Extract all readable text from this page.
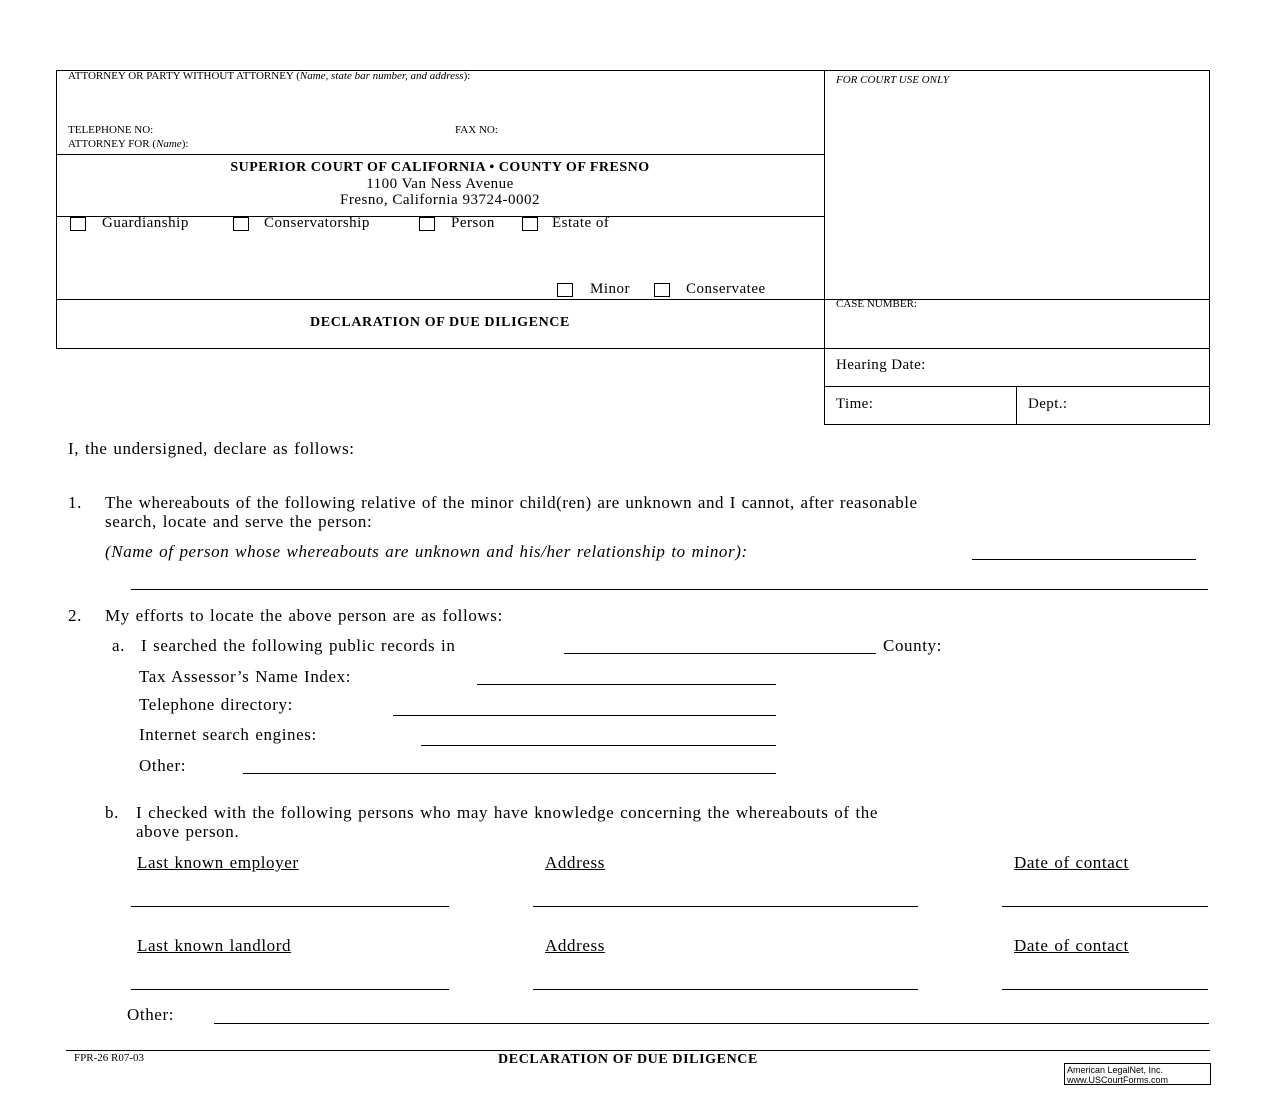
ATTORNEY OR PARTY WITHOUT ATTORNEY (Name, state bar number, and address):
TELEPHONE NO:	FAX NO:
ATTORNEY FOR (Name):
FOR COURT USE ONLY
SUPERIOR COURT OF CALIFORNIA • COUNTY OF FRESNO
1100 Van Ness Avenue
Fresno, California 93724-0002
Guardianship	Conservatorship	Person	Estate of
Minor	Conservatee
DECLARATION OF DUE DILIGENCE
CASE NUMBER:
Hearing Date:
Time:	Dept.:
I, the undersigned, declare as follows:
1. The whereabouts of the following relative of the minor child(ren) are unknown and I cannot, after reasonable
search, locate and serve the person:
(Name of person whose whereabouts are unknown and his/her relationship to minor):
2. My efforts to locate the above person are as follows:
a. I searched the following public records in	County:
Tax Assessor’s Name Index:
Telephone directory:
Internet search engines:
Other:
b. I checked with the following persons who may have knowledge concerning the whereabouts of the
above person.
Last known employer	Address	Date of contact
Last known landlord	Address	Date of contact
Other:
FPR-26 R07-03	DECLARATION OF DUE DILIGENCE
American LegalNet, Inc.
www.USCourtForms.com
